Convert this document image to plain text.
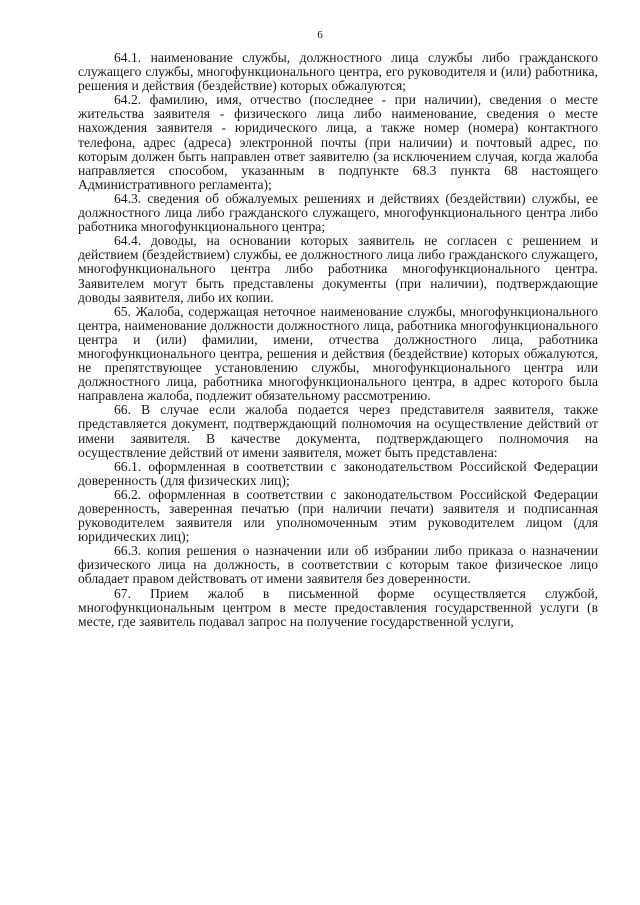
6

64.1. наименование службы, должностного лица службы либо гражданского служащего службы, многофункционального центра, его руководителя и (или) работника, решения и действия (бездействие) которых обжалуются;

64.2. фамилию, имя, отчество (последнее - при наличии), сведения о месте жительства заявителя - физического лица либо наименование, сведения о месте нахождения заявителя - юридического лица, а также номер (номера) контактного телефона, адрес (адреса) электронной почты (при наличии) и почтовый адрес, по которым должен быть направлен ответ заявителю (за исключением случая, когда жалоба направляется способом, указанным в подпункте 68.3 пункта 68 настоящего Административного регламента);

64.3. сведения об обжалуемых решениях и действиях (бездействии) службы, ее должностного лица либо гражданского служащего, многофункционального центра либо работника многофункционального центра;

64.4. доводы, на основании которых заявитель не согласен с решением и действием (бездействием) службы, ее должностного лица либо гражданского служащего, многофункционального центра либо работника многофункционального центра. Заявителем могут быть представлены документы (при наличии), подтверждающие доводы заявителя, либо их копии.

65. Жалоба, содержащая неточное наименование службы, многофункционального центра, наименование должности должностного лица, работника многофункционального центра и (или) фамилии, имени, отчества должностного лица, работника многофункционального центра, решения и действия (бездействие) которых обжалуются, не препятствующее установлению службы, многофункционального центра или должностного лица, работника многофункционального центра, в адрес которого была направлена жалоба, подлежит обязательному рассмотрению.

66. В случае если жалоба подается через представителя заявителя, также представляется документ, подтверждающий полномочия на осуществление действий от имени заявителя. В качестве документа, подтверждающего полномочия на осуществление действий от имени заявителя, может быть представлена:

66.1. оформленная в соответствии с законодательством Российской Федерации доверенность (для физических лиц);

66.2. оформленная в соответствии с законодательством Российской Федерации доверенность, заверенная печатью (при наличии печати) заявителя и подписанная руководителем заявителя или уполномоченным этим руководителем лицом (для юридических лиц);

66.3. копия решения о назначении или об избрании либо приказа о назначении физического лица на должность, в соответствии с которым такое физическое лицо обладает правом действовать от имени заявителя без доверенности.

67. Прием жалоб в письменной форме осуществляется службой, многофункциональным центром в месте предоставления государственной услуги (в месте, где заявитель подавал запрос на получение государственной услуги,
